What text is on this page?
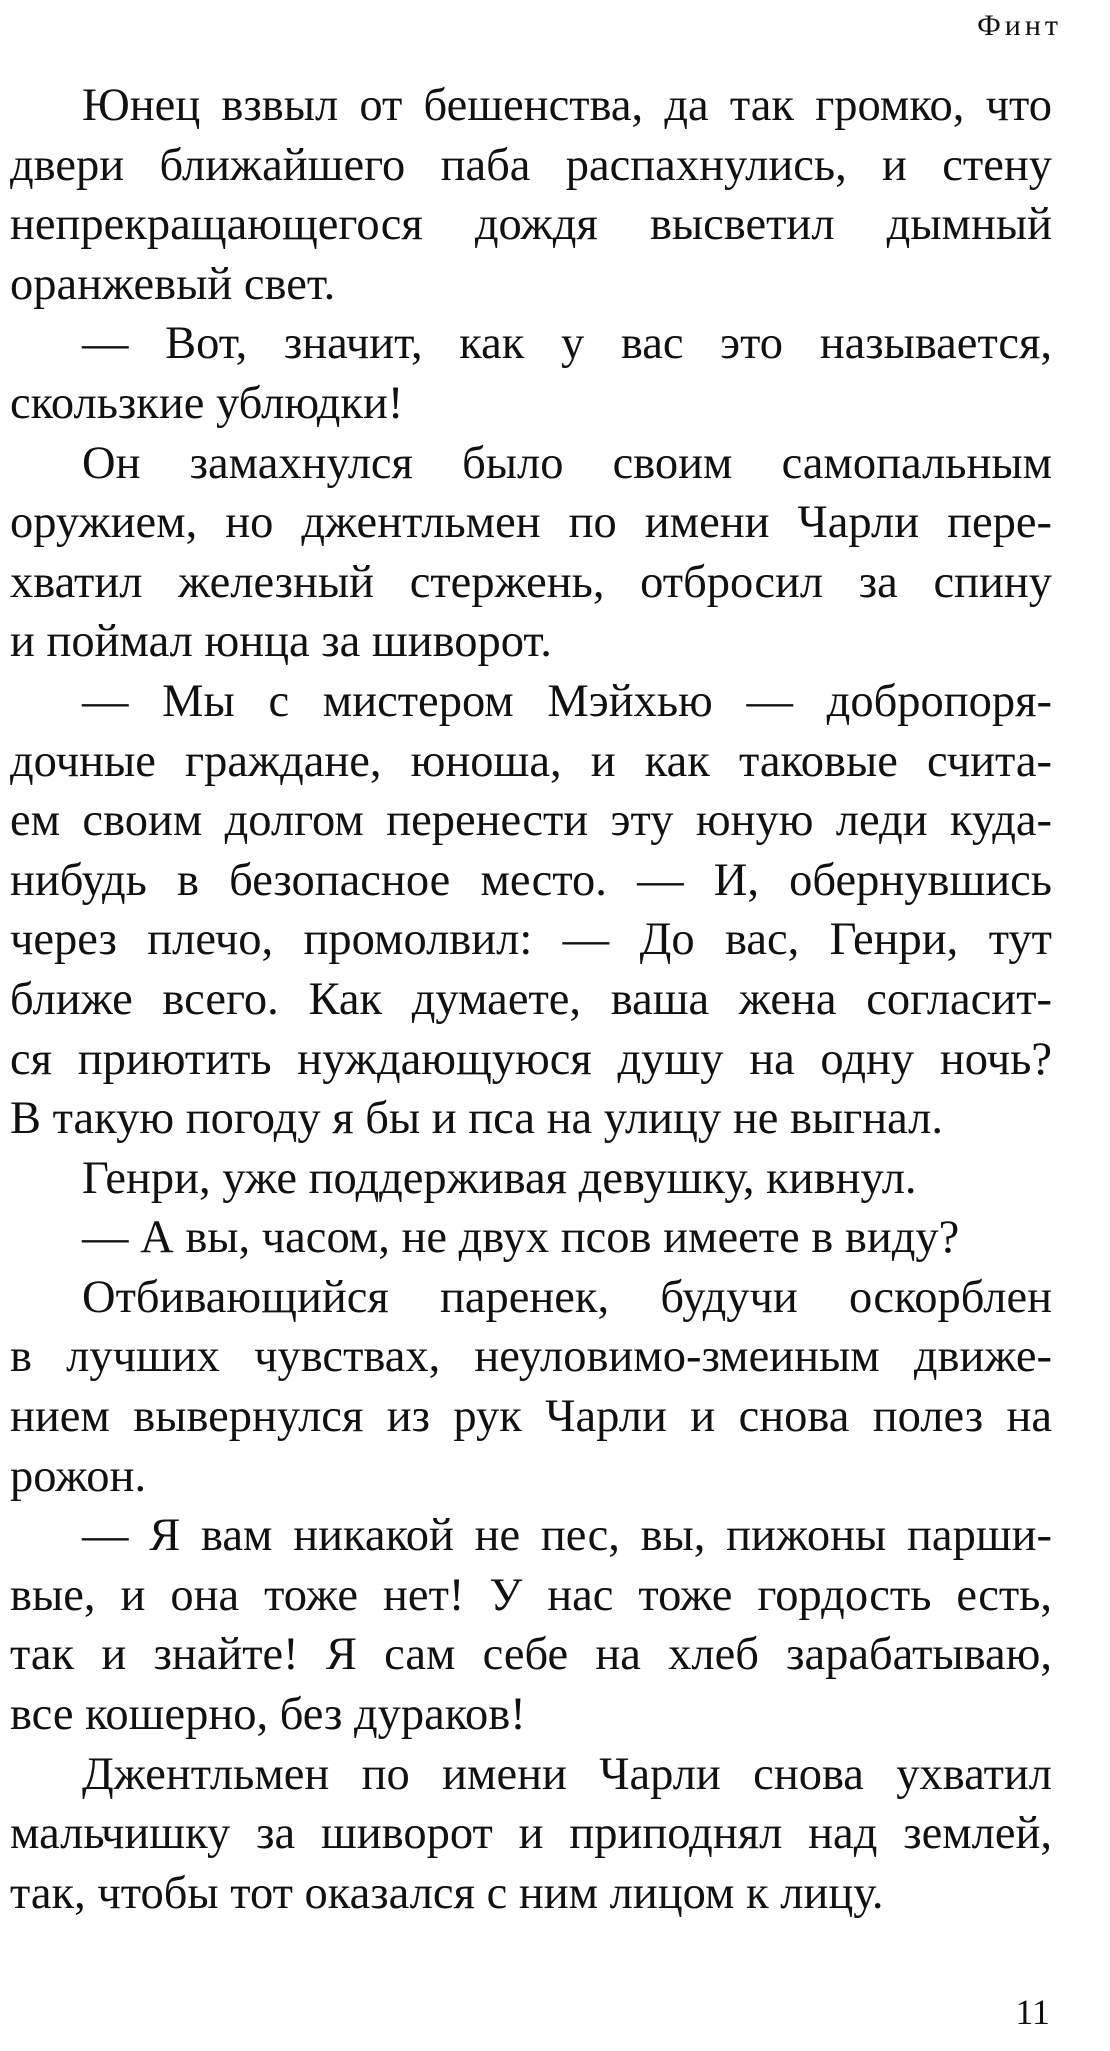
Финт
Юнец взвыл от бешенства, да так громко, что
двери ближайшего паба распахнулись, и стену
непрекращающегося дождя высветил дымный
оранжевый свет.
— Вот, значит, как у вас это называется,
скользкие ублюдки!
Он замахнулся было своим самопальным
оружием, но джентльмен по имени Чарли пере-
хватил железный стержень, отбросил за спину
и поймал юнца за шиворот.
— Мы с мистером Мэйхью — добропоря-
дочные граждане, юноша, и как таковые счита-
ем своим долгом перенести эту юную леди куда-
нибудь в безопасное место. — И, обернувшись
через плечо, промолвил: — До вас, Генри, тут
ближе всего. Как думаете, ваша жена согласит-
ся приютить нуждающуюся душу на одну ночь?
В такую погоду я бы и пса на улицу не выгнал.
Генри, уже поддерживая девушку, кивнул.
— А вы, часом, не двух псов имеете в виду?
Отбивающийся паренек, будучи оскорблен
в лучших чувствах, неуловимо-змеиным движе-
нием вывернулся из рук Чарли и снова полез на
рожон.
— Я вам никакой не пес, вы, пижоны парши-
вые, и она тоже нет! У нас тоже гордость есть,
так и знайте! Я сам себе на хлеб зарабатываю,
все кошерно, без дураков!
Джентльмен по имени Чарли снова ухватил
мальчишку за шиворот и приподнял над землей,
так, чтобы тот оказался с ним лицом к лицу.
11
